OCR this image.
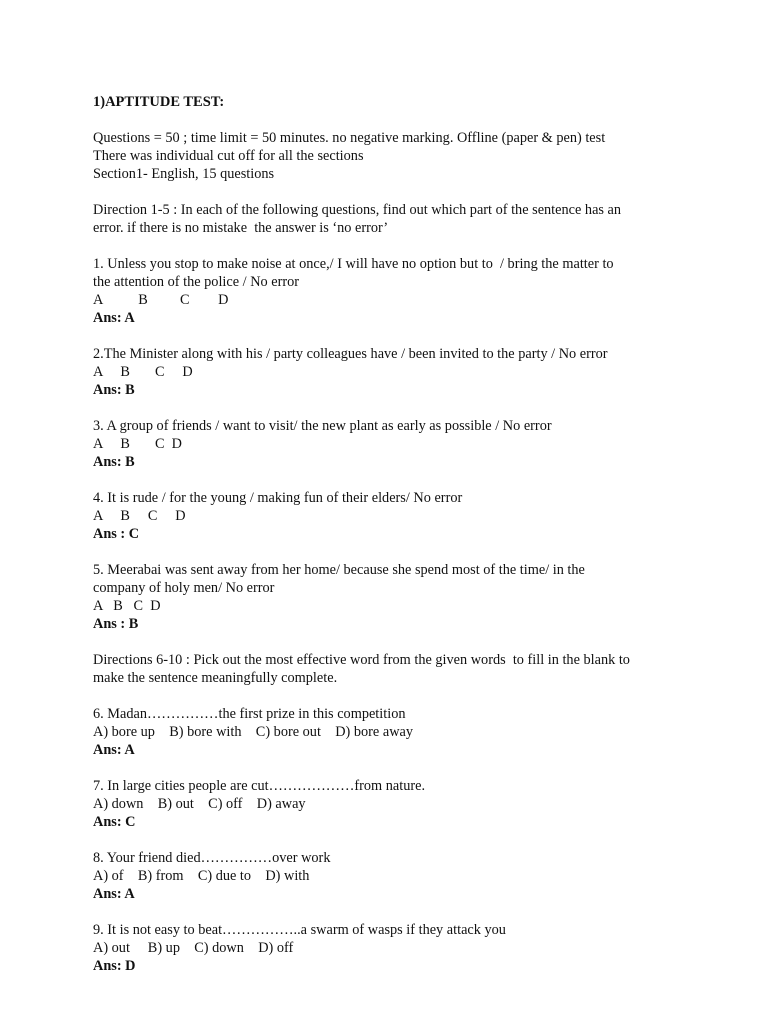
1)APTITUDE TEST:
Questions = 50 ; time limit = 50 minutes. no negative marking. Offline (paper & pen) test
There was individual cut off for all the sections
Section1- English, 15 questions
Direction 1-5 : In each of the following questions, find out which part of the sentence has an
error. if there is no mistake  the answer is ‘no error’
1. Unless you stop to make noise at once,/ I will have no option but to  / bring the matter to
the attention of the police / No error
A          B         C        D
Ans: A
2.The Minister along with his / party colleagues have / been invited to the party / No error
A     B       C     D
Ans: B
3. A group of friends / want to visit/ the new plant as early as possible / No error
A     B       C  D
Ans: B
4. It is rude / for the young / making fun of their elders/ No error
A     B     C     D
Ans : C
5. Meerabai was sent away from her home/ because she spend most of the time/ in the
company of holy men/ No error
A   B   C  D
Ans : B
Directions 6-10 : Pick out the most effective word from the given words  to fill in the blank to
make the sentence meaningfully complete.
6. Madan……………the first prize in this competition
A) bore up    B) bore with    C) bore out    D) bore away
Ans: A
7. In large cities people are cut………………from nature.
A) down    B) out    C) off    D) away
Ans: C
8. Your friend died……………over work
A) of    B) from    C) due to    D) with
Ans: A
9. It is not easy to beat……………..a swarm of wasps if they attack you
A) out     B) up    C) down    D) off
Ans: D
